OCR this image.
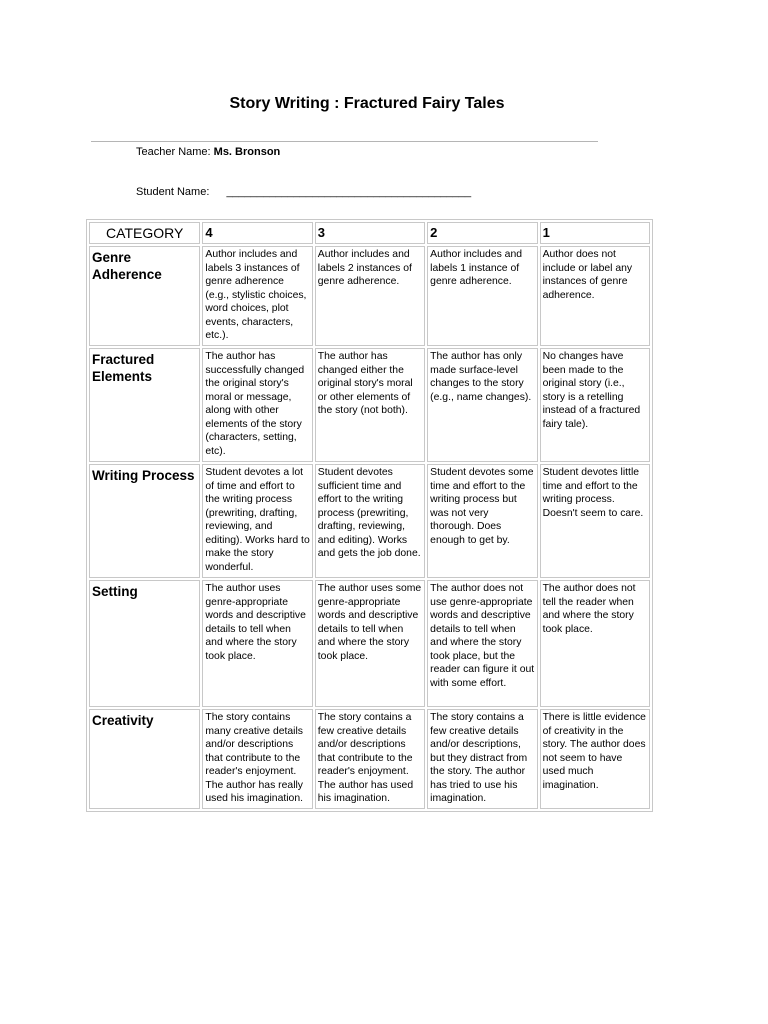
Story Writing : Fractured Fairy Tales
Teacher Name: Ms. Bronson
Student Name: ________________________________________
CATEGORY	4	3	2	1
Genre Adherence	Author includes and labels 3 instances of genre adherence (e.g., stylistic choices, word choices, plot events, characters, etc.).	Author includes and labels 2 instances of genre adherence.	Author includes and labels 1 instance of genre adherence.	Author does not include or label any instances of genre adherence.
Fractured Elements	The author has successfully changed the original story's moral or message, along with other elements of the story (characters, setting, etc).	The author has changed either the original story's moral or other elements of the story (not both).	The author has only made surface-level changes to the story (e.g., name changes).	No changes have been made to the original story (i.e., story is a retelling instead of a fractured fairy tale).
Writing Process	Student devotes a lot of time and effort to the writing process (prewriting, drafting, reviewing, and editing). Works hard to make the story wonderful.	Student devotes sufficient time and effort to the writing process (prewriting, drafting, reviewing, and editing). Works and gets the job done.	Student devotes some time and effort to the writing process but was not very thorough. Does enough to get by.	Student devotes little time and effort to the writing process. Doesn't seem to care.
Setting	The author uses genre-appropriate words and descriptive details to tell when and where the story took place.	The author uses some genre-appropriate words and descriptive details to tell when and where the story took place.	The author does not use genre-appropriate words and descriptive details to tell when and where the story took place, but the reader can figure it out with some effort.	The author does not tell the reader when and where the story took place.
Creativity	The story contains many creative details and/or descriptions that contribute to the reader's enjoyment. The author has really used his imagination.	The story contains a few creative details and/or descriptions that contribute to the reader's enjoyment. The author has used his imagination.	The story contains a few creative details and/or descriptions, but they distract from the story. The author has tried to use his imagination.	There is little evidence of creativity in the story. The author does not seem to have used much imagination.
